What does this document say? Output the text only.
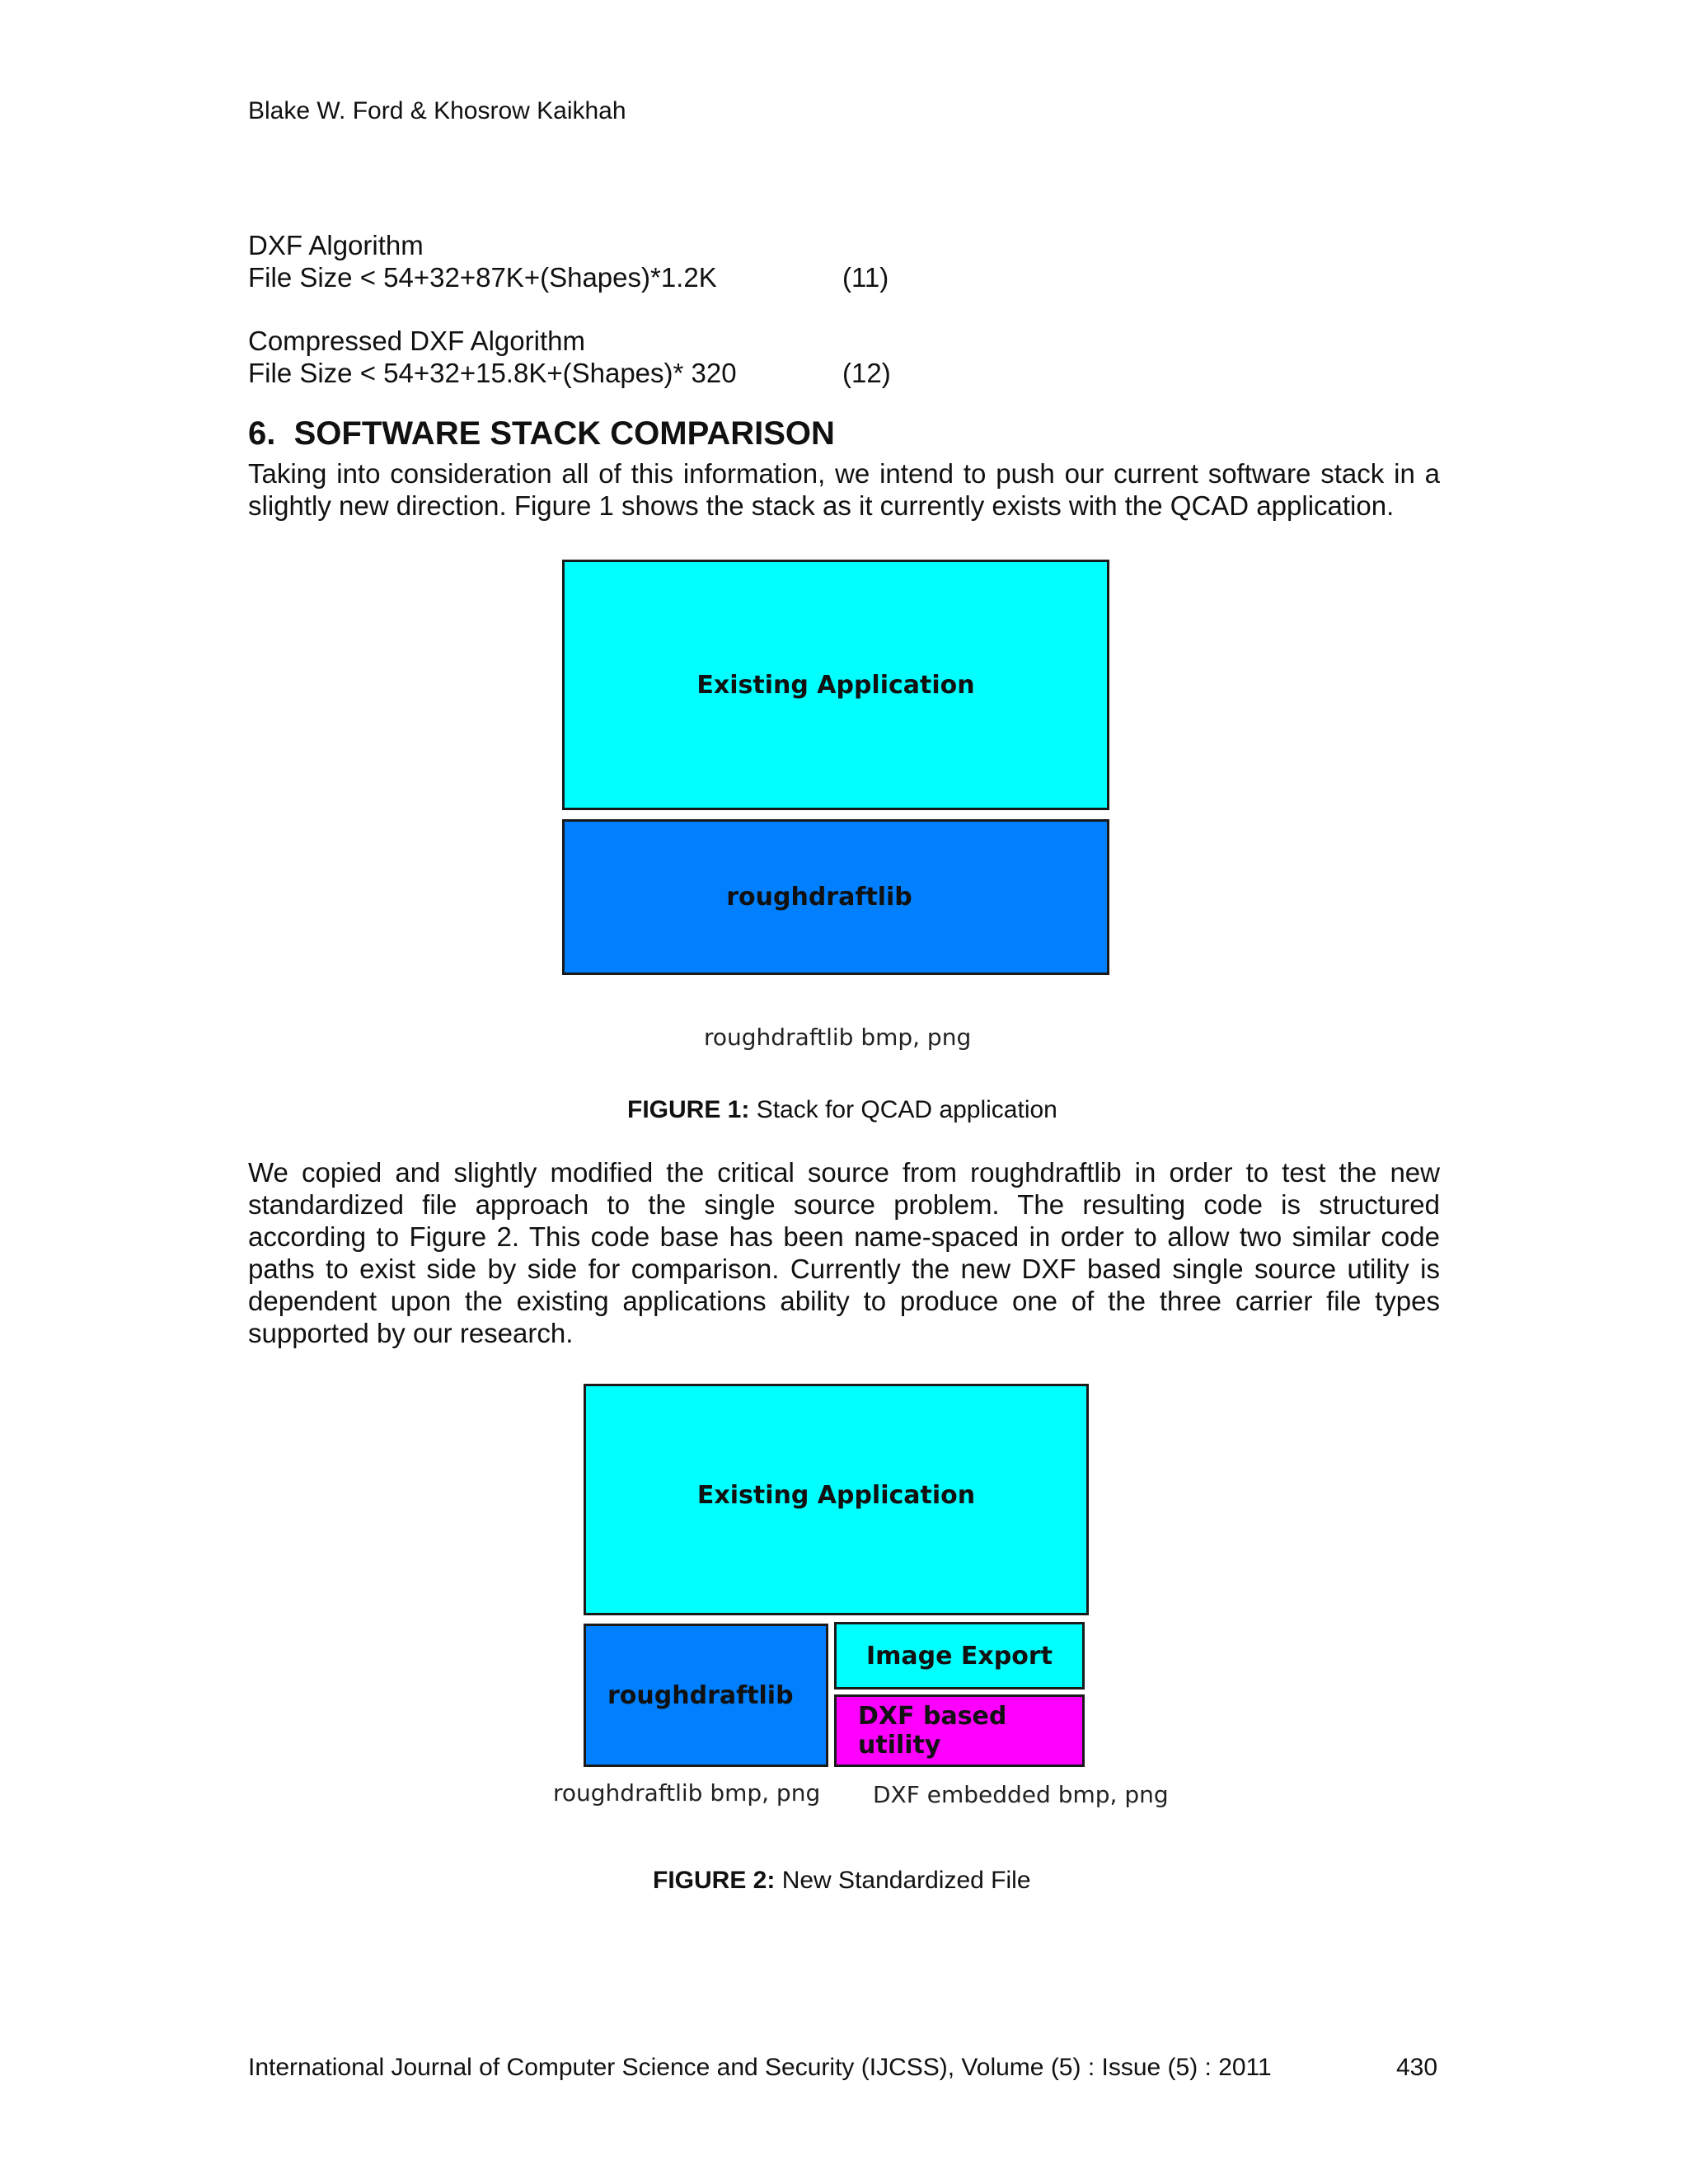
Blake W. Ford & Khosrow Kaikhah
DXF Algorithm
File Size < 54+32+87K+(Shapes)*1.2K	(11)
Compressed DXF Algorithm
File Size < 54+32+15.8K+(Shapes)* 320	(12)
6. SOFTWARE STACK COMPARISON
Taking into consideration all of this information, we intend to push our current software stack in a
slightly new direction. Figure 1 shows the stack as it currently exists with the QCAD application.
Existing Application
roughdraftlib
roughdraftlib bmp, png
FIGURE 1: Stack for QCAD application
We copied and slightly modified the critical source from roughdraftlib in order to test the new
standardized file approach to the single source problem. The resulting code is structured
according to Figure 2. This code base has been name-spaced in order to allow two similar code
paths to exist side by side for comparison. Currently the new DXF based single source utility is
dependent upon the existing applications ability to produce one of the three carrier file types
supported by our research.
Existing Application
roughdraftlib
Image Export
DXF based utility
roughdraftlib bmp, png DXF embedded bmp, png
FIGURE 2: New Standardized File
International Journal of Computer Science and Security (IJCSS), Volume (5) : Issue (5) : 2011	430
